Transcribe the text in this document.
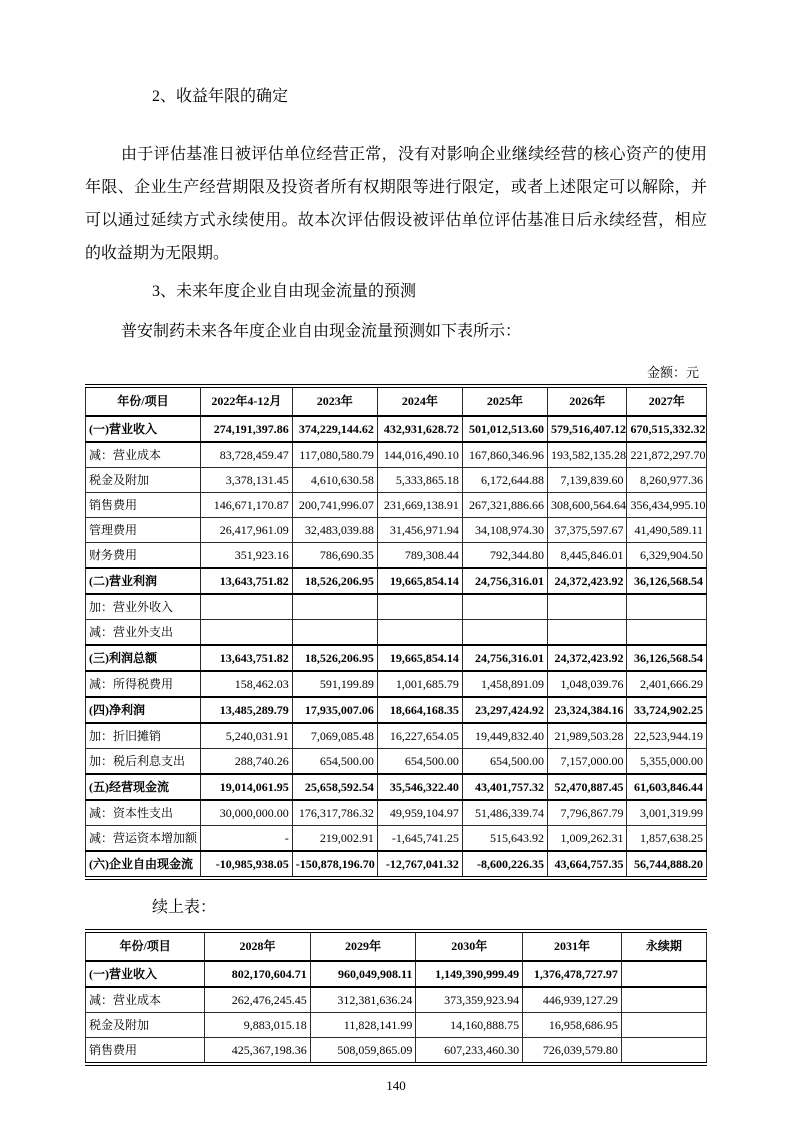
2、收益年限的确定

由于评估基准日被评估单位经营正常，没有对影响企业继续经营的核心资产的使用年限、企业生产经营期限及投资者所有权期限等进行限定，或者上述限定可以解除，并可以通过延续方式永续使用。故本次评估假设被评估单位评估基准日后永续经营，相应的收益期为无限期。

3、未来年度企业自由现金流量的预测

普安制药未来各年度企业自由现金流量预测如下表所示：

金额：元
年份/项目	2022年4-12月	2023年	2024年	2025年	2026年	2027年
(一)营业收入	274,191,397.86	374,229,144.62	432,931,628.72	501,012,513.60	579,516,407.12	670,515,332.32
减：营业成本	83,728,459.47	117,080,580.79	144,016,490.10	167,860,346.96	193,582,135.28	221,872,297.70
税金及附加	3,378,131.45	4,610,630.58	5,333,865.18	6,172,644.88	7,139,839.60	8,260,977.36
销售费用	146,671,170.87	200,741,996.07	231,669,138.91	267,321,886.66	308,600,564.64	356,434,995.10
管理费用	26,417,961.09	32,483,039.88	31,456,971.94	34,108,974.30	37,375,597.67	41,490,589.11
财务费用	351,923.16	786,690.35	789,308.44	792,344.80	8,445,846.01	6,329,904.50
(二)营业利润	13,643,751.82	18,526,206.95	19,665,854.14	24,756,316.01	24,372,423.92	36,126,568.54
加：营业外收入						
减：营业外支出						
(三)利润总额	13,643,751.82	18,526,206.95	19,665,854.14	24,756,316.01	24,372,423.92	36,126,568.54
减：所得税费用	158,462.03	591,199.89	1,001,685.79	1,458,891.09	1,048,039.76	2,401,666.29
(四)净利润	13,485,289.79	17,935,007.06	18,664,168.35	23,297,424.92	23,324,384.16	33,724,902.25
加：折旧摊销	5,240,031.91	7,069,085.48	16,227,654.05	19,449,832.40	21,989,503.28	22,523,944.19
加：税后利息支出	288,740.26	654,500.00	654,500.00	654,500.00	7,157,000.00	5,355,000.00
(五)经营现金流	19,014,061.95	25,658,592.54	35,546,322.40	43,401,757.32	52,470,887.45	61,603,846.44
减：资本性支出	30,000,000.00	176,317,786.32	49,959,104.97	51,486,339.74	7,796,867.79	3,001,319.99
减：营运资本增加额	-	219,002.91	-1,645,741.25	515,643.92	1,009,262.31	1,857,638.25
(六)企业自由现金流	-10,985,938.05	-150,878,196.70	-12,767,041.32	-8,600,226.35	43,664,757.35	56,744,888.20
续上表：
年份/项目	2028年	2029年	2030年	2031年	永续期
(一)营业收入	802,170,604.71	960,049,908.11	1,149,390,999.49	1,376,478,727.97	
减：营业成本	262,476,245.45	312,381,636.24	373,359,923.94	446,939,127.29	
税金及附加	9,883,015.18	11,828,141.99	14,160,888.75	16,958,686.95	
销售费用	425,367,198.36	508,059,865.09	607,233,460.30	726,039,579.80	
140
